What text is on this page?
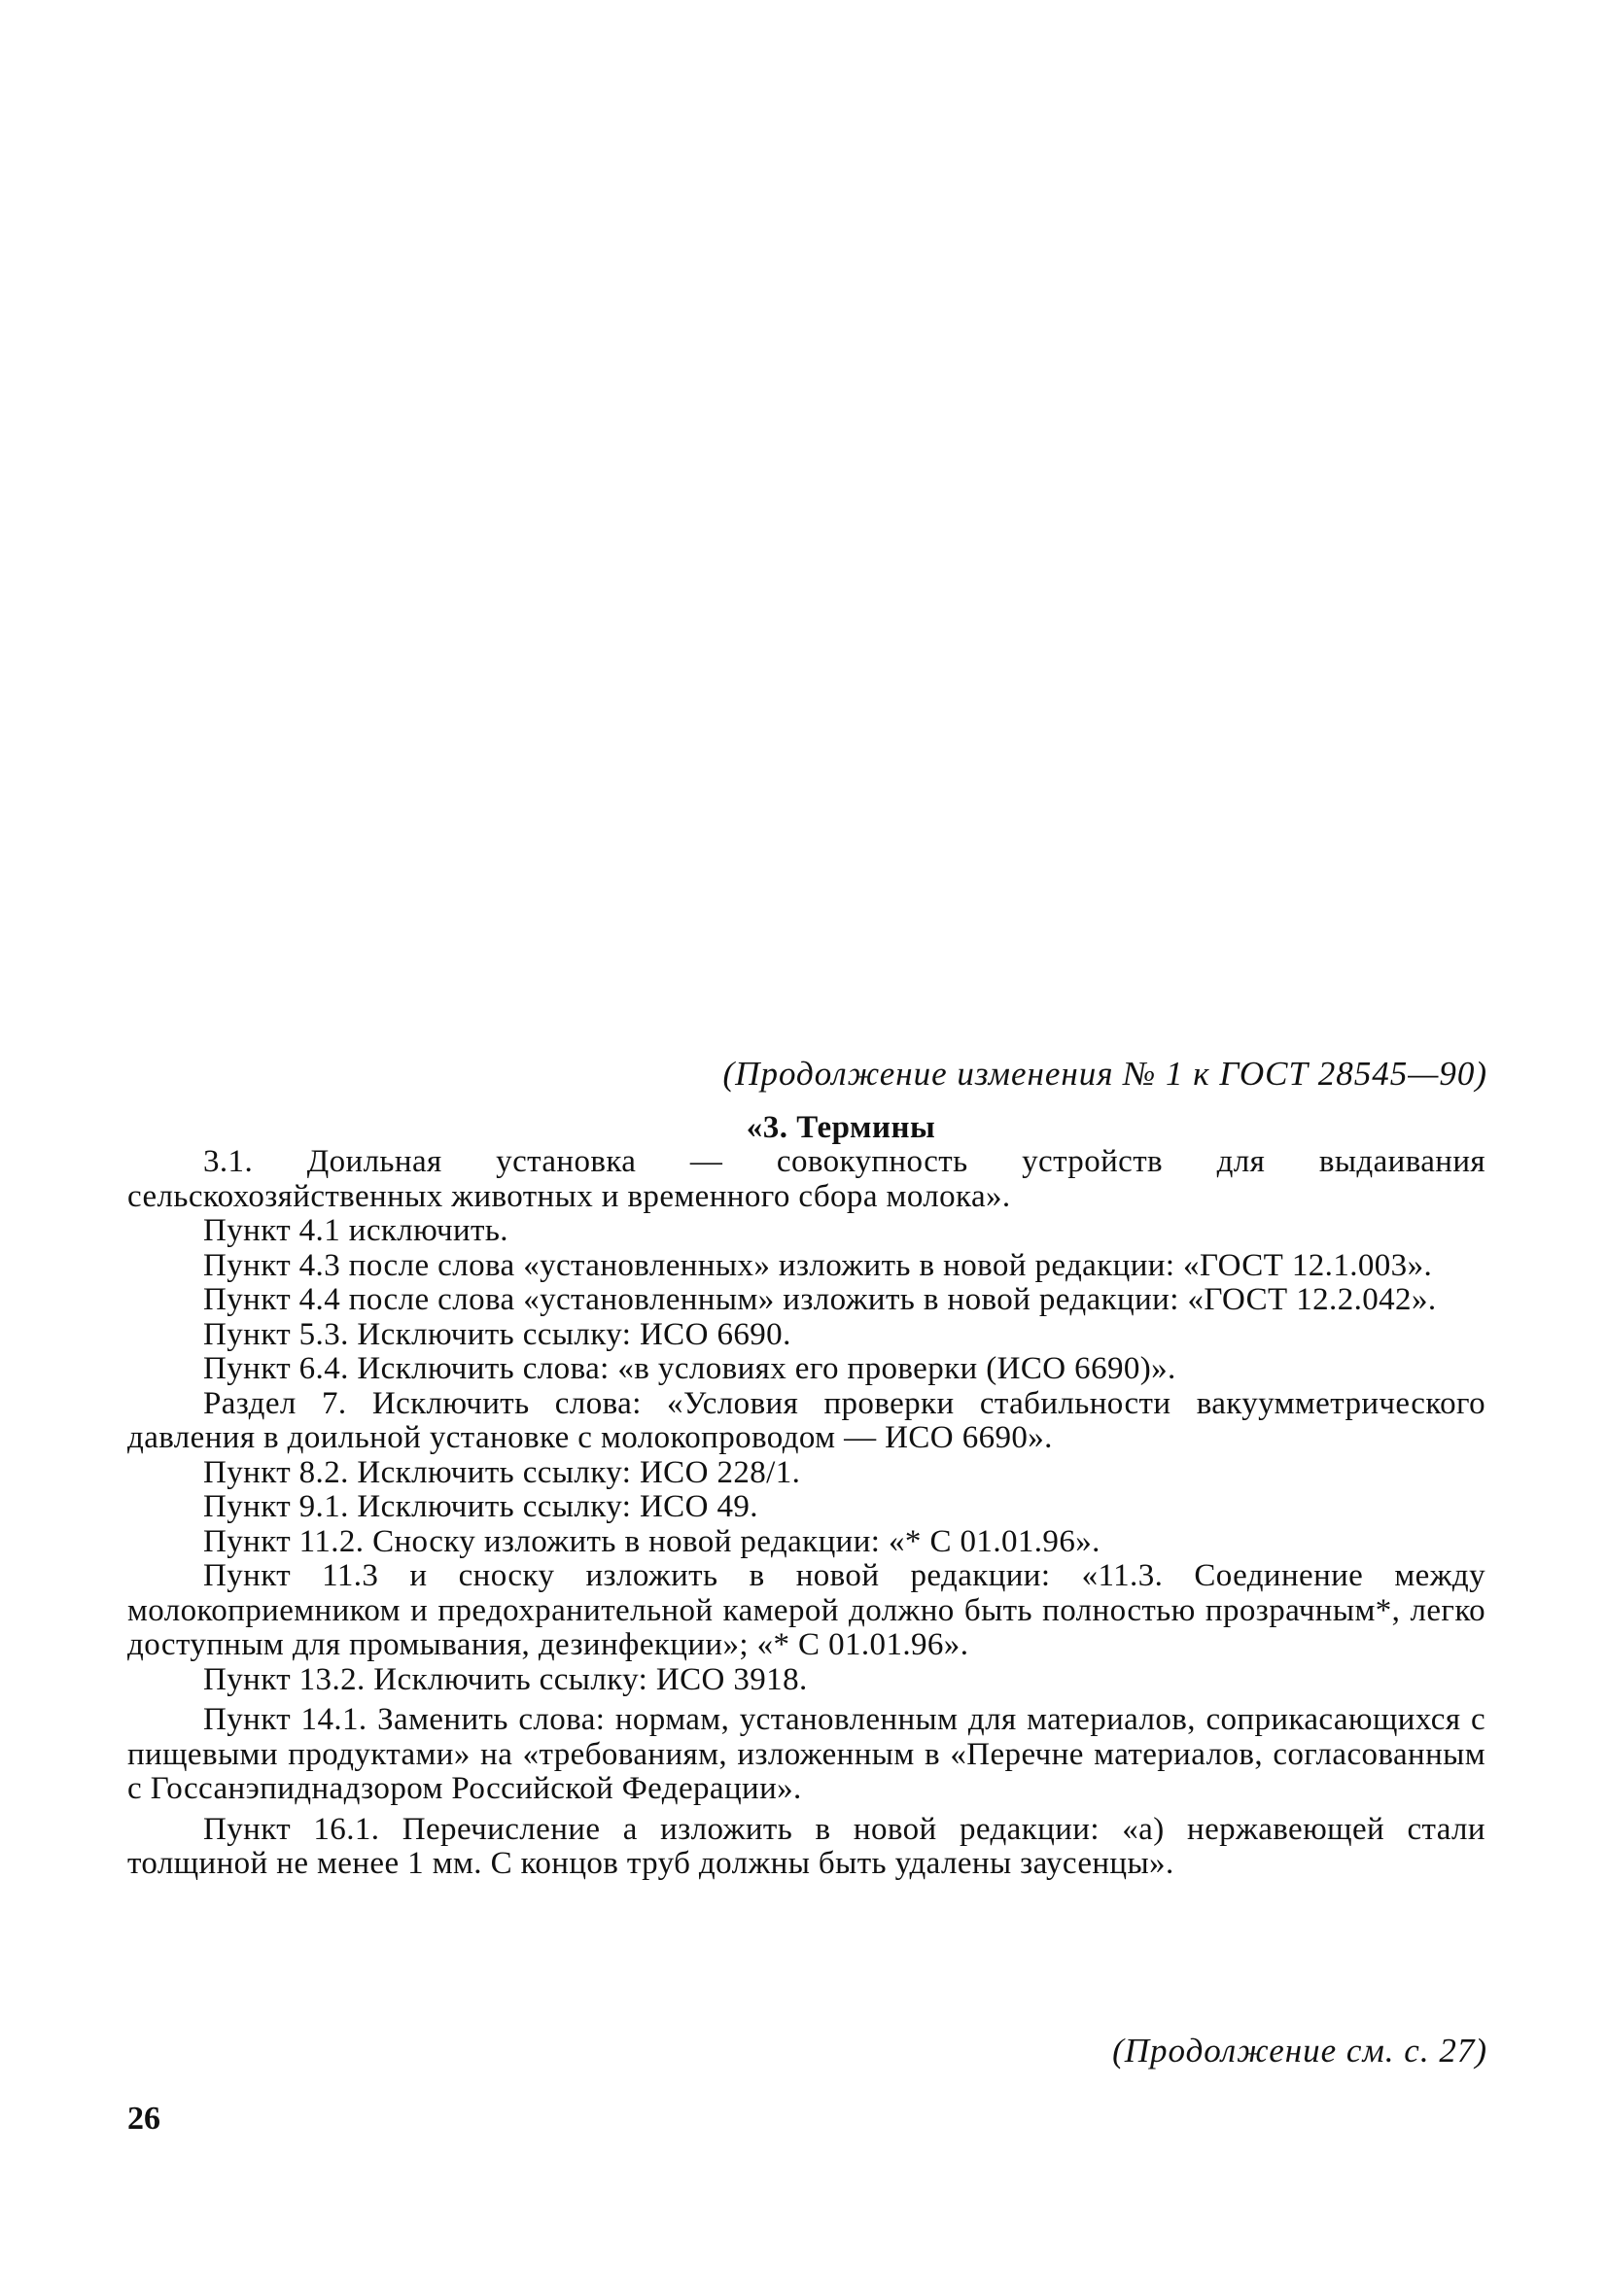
(Продолжение изменения № 1 к ГОСТ 28545—90)
«3. Термины

3.1. Доильная установка — совокупность устройств для выдаивания сельскохозяйственных животных и временного сбора молока».

Пункт 4.1 исключить.

Пункт 4.3 после слова «установленных» изложить в новой редакции: «ГОСТ 12.1.003».

Пункт 4.4 после слова «установленным» изложить в новой редакции: «ГОСТ 12.2.042».

Пункт 5.3. Исключить ссылку: ИСО 6690.

Пункт 6.4. Исключить слова: «в условиях его проверки (ИСО 6690)».

Раздел 7. Исключить слова: «Условия проверки стабильности вакуумметрического давления в доильной установке с молокопроводом — ИСО 6690».

Пункт 8.2. Исключить ссылку: ИСО 228/1.

Пункт 9.1. Исключить ссылку: ИСО 49.

Пункт 11.2. Сноску изложить в новой редакции: «* С 01.01.96».

Пункт 11.3 и сноску изложить в новой редакции: «11.3. Соединение между молокоприемником и предохранительной камерой должно быть полностью прозрачным*, легко доступным для промывания, дезинфекции»; «* С 01.01.96».

Пункт 13.2. Исключить ссылку: ИСО 3918.

Пункт 14.1. Заменить слова: нормам, установленным для материалов, соприкасающихся с пищевыми продуктами» на «требованиям, изложенным в «Перечне материалов, согласованным с Госсанэпиднадзором Российской Федерации».

Пункт 16.1. Перечисление а изложить в новой редакции: «а) нержавеющей стали толщиной не менее 1 мм. С концов труб должны быть удалены заусенцы».

(Продолжение см. с. 27)
26
